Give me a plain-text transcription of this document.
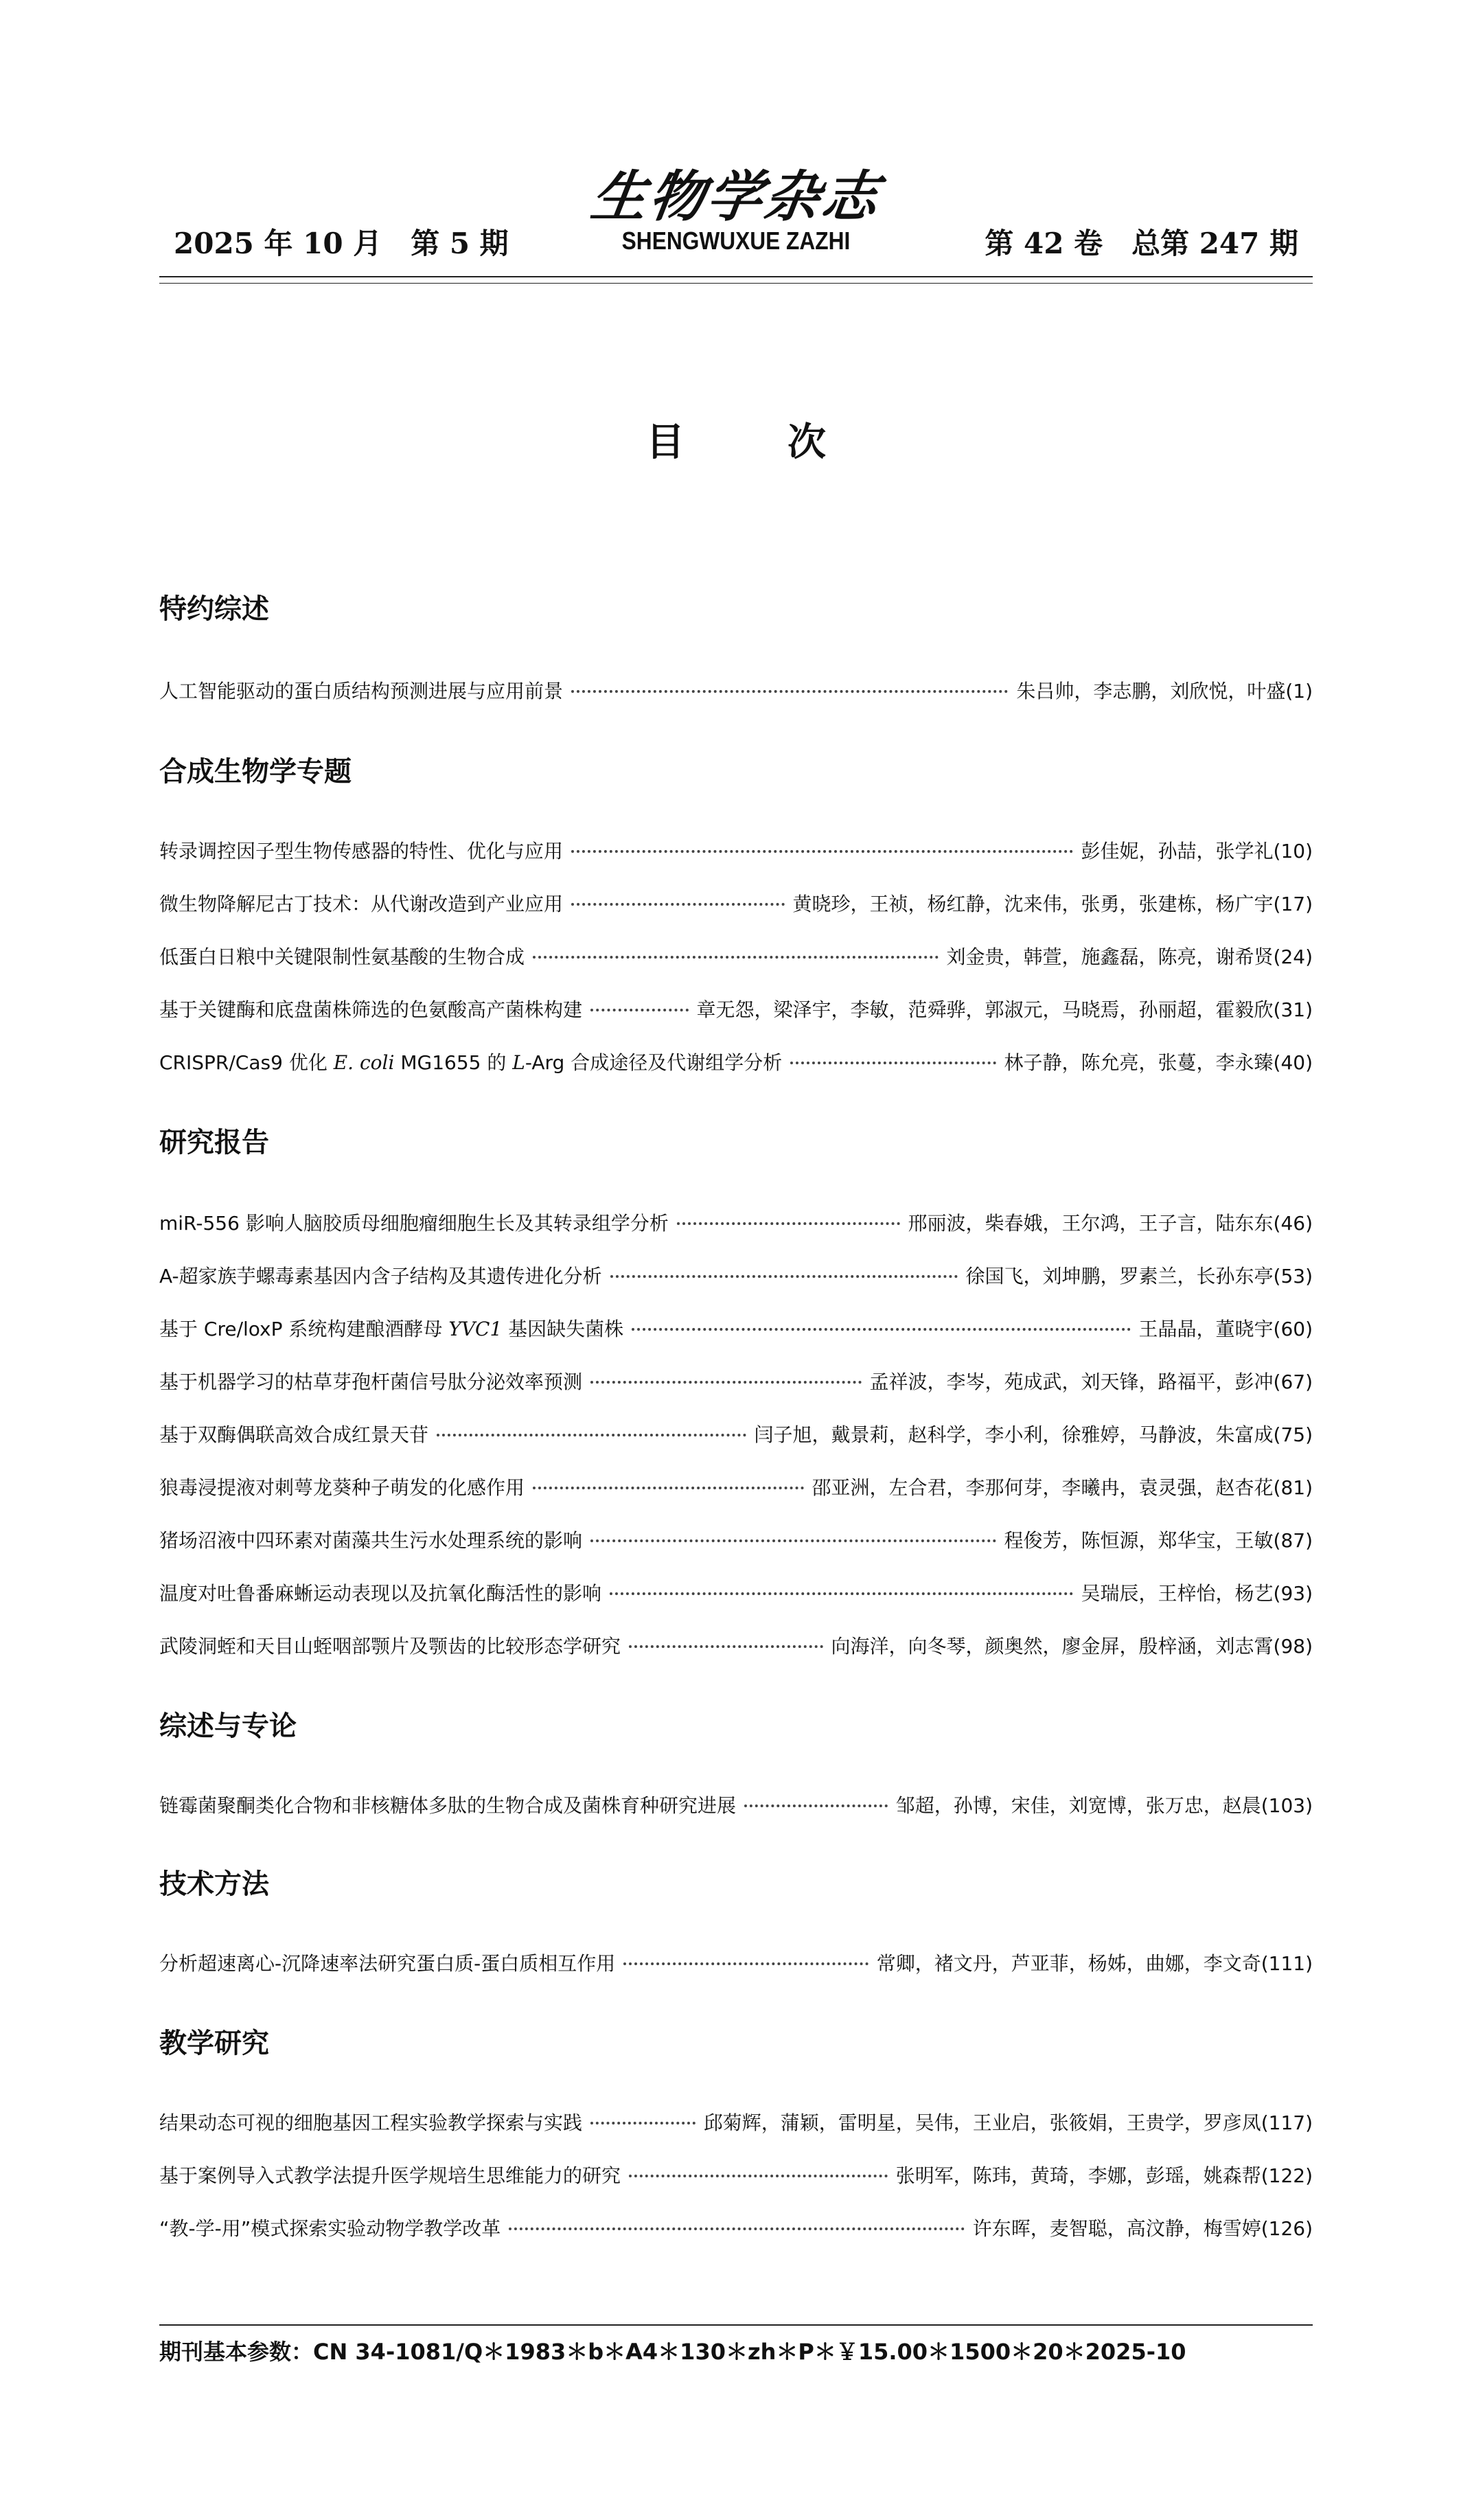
生物学杂志
SHENGWUXUE ZAZHI
2025 年 10 月　第 5 期	第 42 卷　总第 247 期
目次
特约综述
人工智能驱动的蛋白质结构预测进展与应用前景	朱吕帅，李志鹏，刘欣悦，叶盛(1)
合成生物学专题
转录调控因子型生物传感器的特性、优化与应用	彭佳妮，孙喆，张学礼(10)
微生物降解尼古丁技术：从代谢改造到产业应用	黄晓珍，王祯，杨红静，沈来伟，张勇，张建栋，杨广宇(17)
低蛋白日粮中关键限制性氨基酸的生物合成	刘金贵，韩萱，施鑫磊，陈亮，谢希贤(24)
基于关键酶和底盘菌株筛选的色氨酸高产菌株构建	章无怨，梁泽宇，李敏，范舜骅，郭淑元，马晓焉，孙丽超，霍毅欣(31)
CRISPR/Cas9 优化 E. coli MG1655 的 L-Arg 合成途径及代谢组学分析	林子静，陈允亮，张蔓，李永臻(40)
研究报告
miR-556 影响人脑胶质母细胞瘤细胞生长及其转录组学分析	邢丽波，柴春娥，王尔鸿，王子言，陆东东(46)
A-超家族芋螺毒素基因内含子结构及其遗传进化分析	徐国飞，刘坤鹏，罗素兰，长孙东亭(53)
基于 Cre/loxP 系统构建酿酒酵母 YVC1 基因缺失菌株	王晶晶，董晓宇(60)
基于机器学习的枯草芽孢杆菌信号肽分泌效率预测	孟祥波，李岑，苑成武，刘天锋，路福平，彭冲(67)
基于双酶偶联高效合成红景天苷	闫子旭，戴景莉，赵科学，李小利，徐雅婷，马静波，朱富成(75)
狼毒浸提液对刺萼龙葵种子萌发的化感作用	邵亚洲，左合君，李那何芽，李曦冉，袁灵强，赵杏花(81)
猪场沼液中四环素对菌藻共生污水处理系统的影响	程俊芳，陈恒源，郑华宝，王敏(87)
温度对吐鲁番麻蜥运动表现以及抗氧化酶活性的影响	吴瑞辰，王梓怡，杨艺(93)
武陵洞蛭和天目山蛭咽部颚片及颚齿的比较形态学研究	向海洋，向冬琴，颜奥然，廖金屏，殷梓涵，刘志霄(98)
综述与专论
链霉菌聚酮类化合物和非核糖体多肽的生物合成及菌株育种研究进展	邹超，孙博，宋佳，刘宽博，张万忠，赵晨(103)
技术方法
分析超速离心-沉降速率法研究蛋白质-蛋白质相互作用	常卿，褚文丹，芦亚菲，杨姊，曲娜，李文奇(111)
教学研究
结果动态可视的细胞基因工程实验教学探索与实践	邱菊辉，蒲颖，雷明星，吴伟，王业启，张筱娟，王贵学，罗彦凤(117)
基于案例导入式教学法提升医学规培生思维能力的研究	张明军，陈玮，黄琦，李娜，彭瑶，姚森帮(122)
“教-学-用”模式探索实验动物学教学改革	许东晖，麦智聪，高汶静，梅雪婷(126)
期刊基本参数：CN 34-1081/Q＊1983＊b＊A4＊130＊zh＊P＊￥15.00＊1500＊20＊2025-10
